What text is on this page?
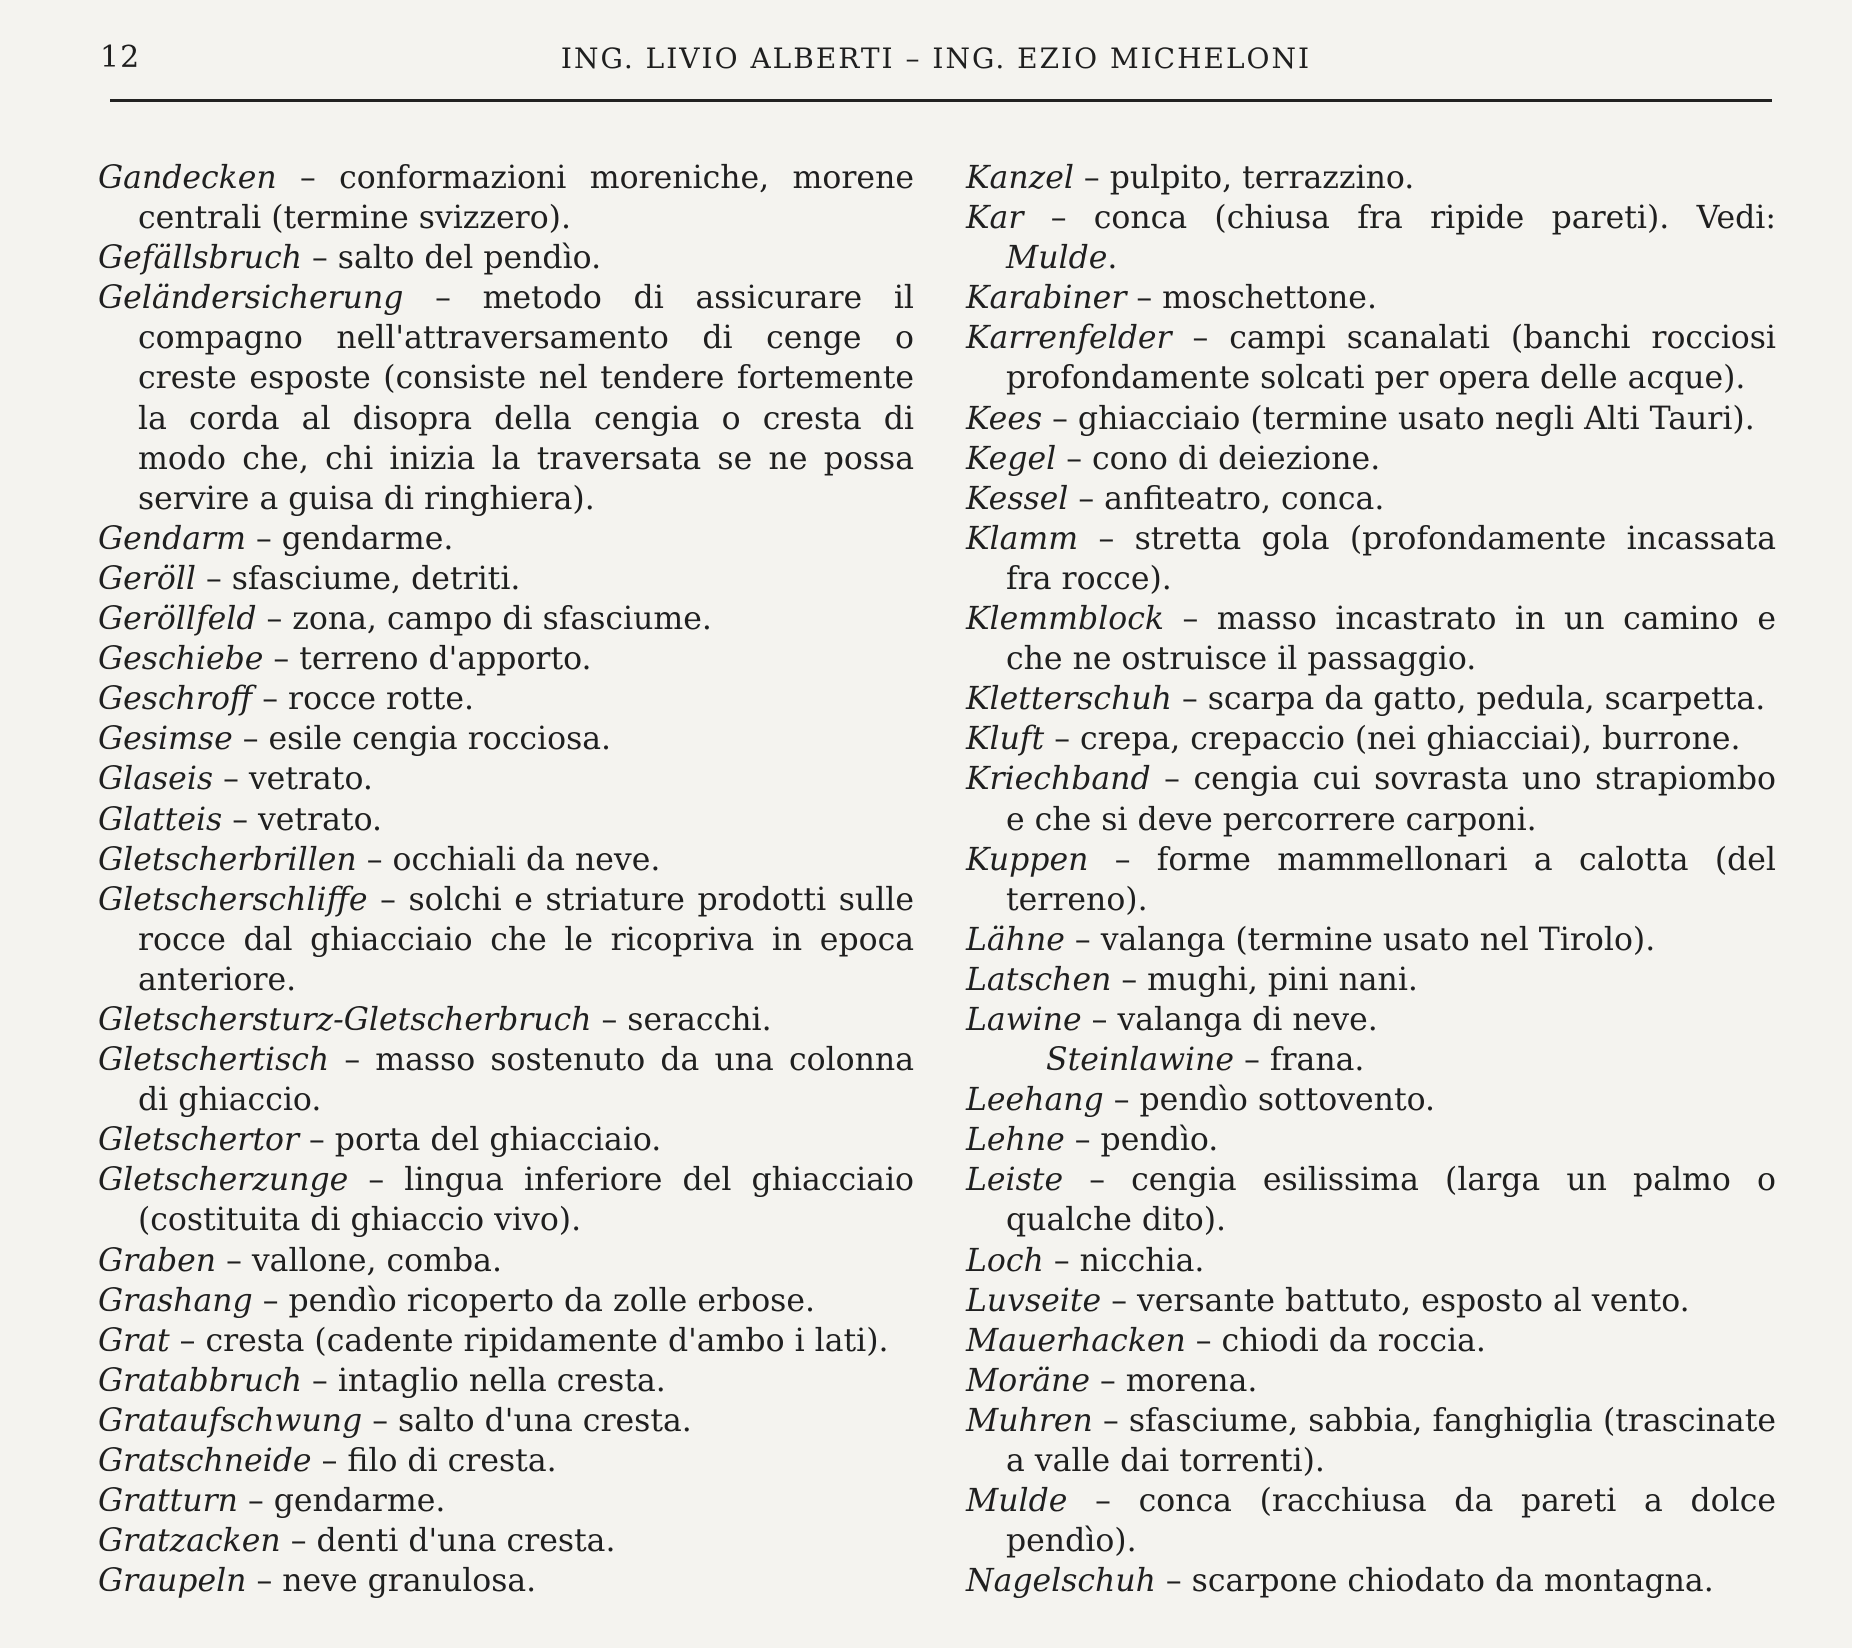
12	ING. LIVIO ALBERTI – ING. EZIO MICHELONI
Gandecken – conformazioni moreniche, morene centrali (termine svizzero).
Gefällsbruch – salto del pendìo.
Geländersicherung – metodo di assicurare il compagno nell'attraversamento di cenge o creste esposte (consiste nel tendere fortemente la corda al disopra della cengia o cresta di modo che, chi inizia la traversata se ne possa servire a guisa di ringhiera).
Gendarm – gendarme.
Geröll – sfasciume, detriti.
Geröllfeld – zona, campo di sfasciume.
Geschiebe – terreno d'apporto.
Geschroff – rocce rotte.
Gesimse – esile cengia rocciosa.
Glaseis – vetrato.
Glatteis – vetrato.
Gletscherbrillen – occhiali da neve.
Gletscherschliffe – solchi e striature prodotti sulle rocce dal ghiacciaio che le ricopriva in epoca anteriore.
Gletschersturz-Gletscherbruch – seracchi.
Gletschertisch – masso sostenuto da una colonna di ghiaccio.
Gletschertor – porta del ghiacciaio.
Gletscherzunge – lingua inferiore del ghiacciaio (costituita di ghiaccio vivo).
Graben – vallone, comba.
Grashang – pendìo ricoperto da zolle erbose.
Grat – cresta (cadente ripidamente d'ambo i lati).
Gratabbruch – intaglio nella cresta.
Grataufschwung – salto d'una cresta.
Gratschneide – filo di cresta.
Gratturn – gendarme.
Gratzacken – denti d'una cresta.
Graupeln – neve granulosa.
Kanzel – pulpito, terrazzino.
Kar – conca (chiusa fra ripide pareti). Vedi: Mulde.
Karabiner – moschettone.
Karrenfelder – campi scanalati (banchi rocciosi profondamente solcati per opera delle acque).
Kees – ghiacciaio (termine usato negli Alti Tauri).
Kegel – cono di deiezione.
Kessel – anfiteatro, conca.
Klamm – stretta gola (profondamente incassata fra rocce).
Klemmblock – masso incastrato in un camino e che ne ostruisce il passaggio.
Kletterschuh – scarpa da gatto, pedula, scarpetta.
Kluft – crepa, crepaccio (nei ghiacciai), burrone.
Kriechband – cengia cui sovrasta uno strapiombo e che si deve percorrere carponi.
Kuppen – forme mammellonari a calotta (del terreno).
Lähne – valanga (termine usato nel Tirolo).
Latschen – mughi, pini nani.
Lawine – valanga di neve.
Steinlawine – frana.
Leehang – pendìo sottovento.
Lehne – pendìo.
Leiste – cengia esilissima (larga un palmo o qualche dito).
Loch – nicchia.
Luvseite – versante battuto, esposto al vento.
Mauerhacken – chiodi da roccia.
Moräne – morena.
Muhren – sfasciume, sabbia, fanghiglia (trascinate a valle dai torrenti).
Mulde – conca (racchiusa da pareti a dolce pendìo).
Nagelschuh – scarpone chiodato da montagna.
